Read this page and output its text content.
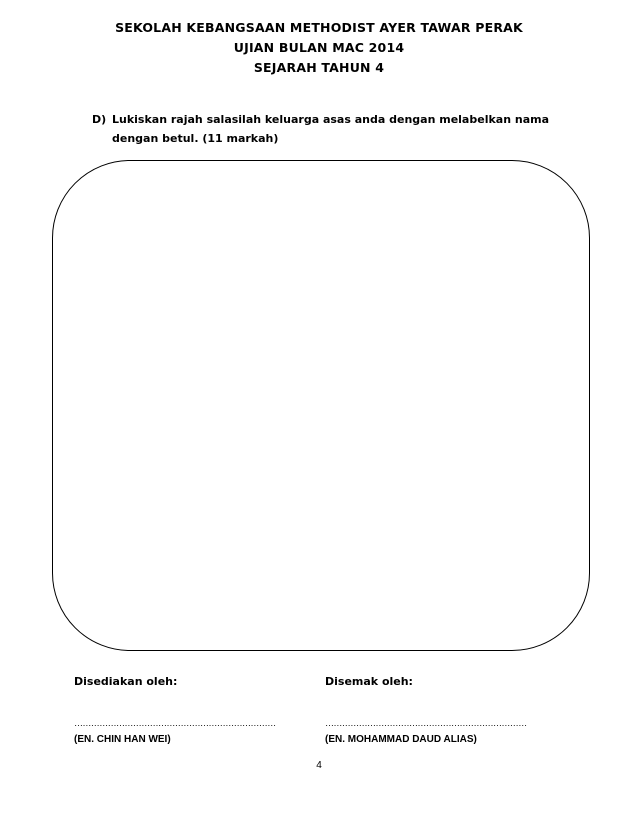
SEKOLAH KEBANGSAAN METHODIST AYER TAWAR PERAK
UJIAN BULAN MAC 2014
SEJARAH TAHUN 4
D) Lukiskan rajah salasilah keluarga asas anda dengan melabelkan nama dengan betul. (11 markah)
Disediakan oleh:
………………………………………………………………
(EN. CHIN HAN WEI)
Disemak oleh:
………………………………………………………………
(EN. MOHAMMAD DAUD ALIAS)
4
